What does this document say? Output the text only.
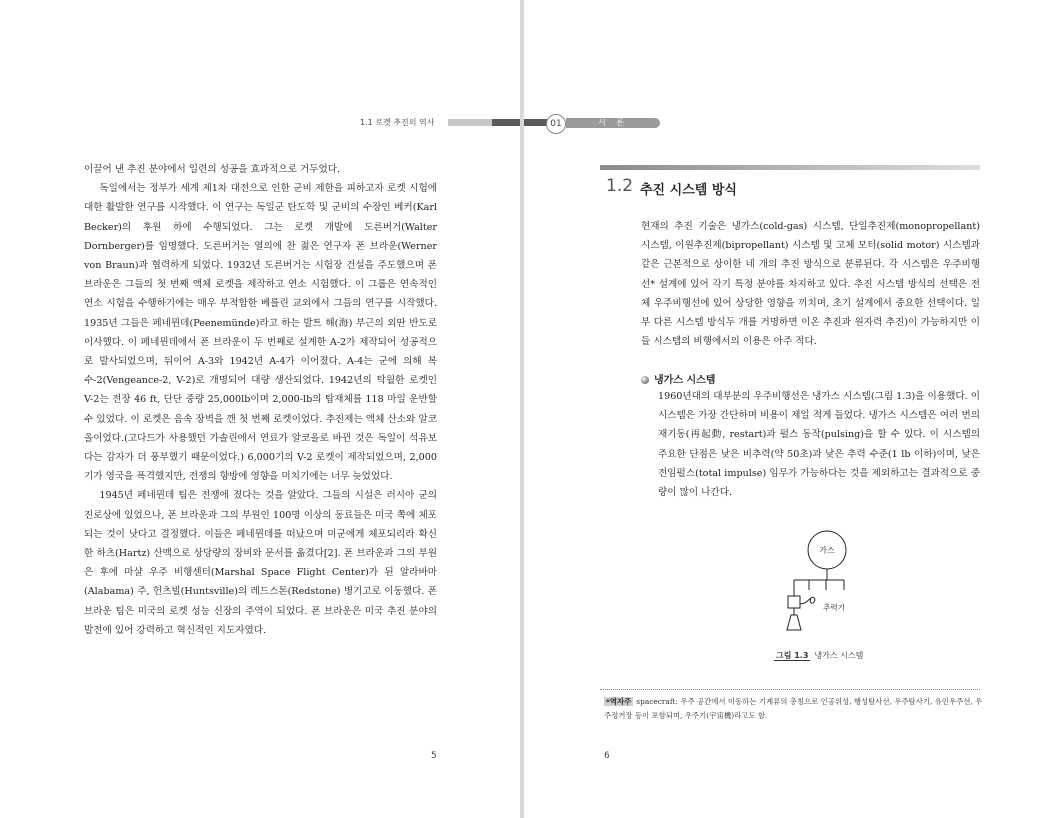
1.1 로켓 추진의 역사

이끌어 낸 추진 분야에서 일련의 성공을 효과적으로 거두었다.

독일에서는 정부가 세계 제1차 대전으로 인한 군비 제한을 피하고자 로켓 시험에 대한 활발한 연구를 시작했다. 이 연구는 독일군 탄도학 및 군비의 수장인 베커(Karl Becker)의 후원 하에 수행되었다. 그는 로켓 개발에 도른버거(Walter Dornberger)를 임명했다. 도른버거는 열의에 찬 젊은 연구자 폰 브라운(Werner von Braun)과 협력하게 되었다. 1932년 도른버거는 시험장 건설을 주도했으며 폰 브라운은 그들의 첫 번째 액체 로켓을 제작하고 연소 시험했다. 이 그룹은 연속적인 연소 시험을 수행하기에는 매우 부적합한 베를린 교외에서 그들의 연구를 시작했다. 1935년 그들은 페네뮌데(Peenemünde)라고 하는 발트 해(海) 부근의 외딴 반도로 이사했다. 이 페네뮌데에서 폰 브라운이 두 번째로 설계한 A-2가 제작되어 성공적으로 발사되었으며, 뒤이어 A-3와 1942년 A-4가 이어졌다. A-4는 군에 의해 복수-2(Vengeance-2, V-2)로 개명되어 대량 생산되었다. 1942년의 탁월한 로켓인 V-2는 전장 46 ft, 단단 중량 25,000lb이며 2,000-lb의 탑재체를 118 마일 운반할 수 있었다. 이 로켓은 음속 장벽을 깬 첫 번째 로켓이었다. 추진제는 액체 산소와 알코올이었다.(고다드가 사용했던 가솔린에서 연료가 알코올로 바뀐 것은 독일이 석유보다는 감자가 더 풍부했기 때문이었다.) 6,000기의 V-2 로켓이 제작되었으며, 2,000기가 영국을 폭격했지만, 전쟁의 향방에 영향을 미치기에는 너무 늦었었다.

1945년 페네뮌데 팀은 전쟁에 졌다는 것을 알았다. 그들의 시설은 러시아 군의 진로상에 있었으나, 폰 브라운과 그의 부원인 100명 이상의 동료들은 미국 쪽에 체포되는 것이 낫다고 결정했다. 이들은 페네뮌데를 떠났으며 미군에게 체포되리라 확신한 하츠(Hartz) 산맥으로 상당량의 장비와 문서를 옮겼다[2]. 폰 브라운과 그의 부원은 후에 마샬 우주 비행센터(Marshal Space Flight Center)가 된 알라바마(Alabama) 주, 헌츠빌(Huntsville)의 레드스톤(Redstone) 병기고로 이동했다. 폰 브라운 팀은 미국의 로켓 성능 신장의 주역이 되었다. 폰 브라운은 미국 추진 분야의 발전에 있어 강력하고 혁신적인 지도자였다.

5
01	서 론
1.2 추진 시스템 방식

현재의 추진 기술은 냉가스(cold-gas) 시스템, 단일추진제(monopropellant) 시스템, 이원추진제(bipropellant) 시스템 및 고체 모터(solid motor) 시스템과 같은 근본적으로 상이한 네 개의 추진 방식으로 분류된다. 각 시스템은 우주비행선* 설계에 있어 각기 특정 분야를 차지하고 있다. 추진 시스템 방식의 선택은 전체 우주비행선에 있어 상당한 영향을 끼치며, 초기 설계에서 중요한 선택이다. 일부 다른 시스템 방식두 개를 거명하면 이온 추진과 원자력 추진)이 가능하지만 이들 시스템의 비행에서의 이용은 아주 적다.

냉가스 시스템

1960년대의 대부분의 우주비행선은 냉가스 시스템(그림 1.3)을 이용했다. 이 시스템은 가장 간단하며 비용이 제일 적게 들었다. 냉가스 시스템은 여러 번의 재기동(再起動, restart)과 펄스 동작(pulsing)을 할 수 있다. 이 시스템의 주요한 단점은 낮은 비추력(약 50초)과 낮은 추력 수준(1 lb 이하)이며, 낮은 전임펄스(total impulse) 임무가 가능하다는 것을 제외하고는 결과적으로 중량이 많이 나간다.

가스
추력기
그림 1.3 냉가스 시스템

*역자주 spacecraft: 우주 공간에서 이동하는 기계류의 총칭으로 인공위성, 행성탐사선, 우주탐사기, 유인우주선, 우주정거장 등이 포함되며, 우주기(宇宙機)라고도 함.

6
